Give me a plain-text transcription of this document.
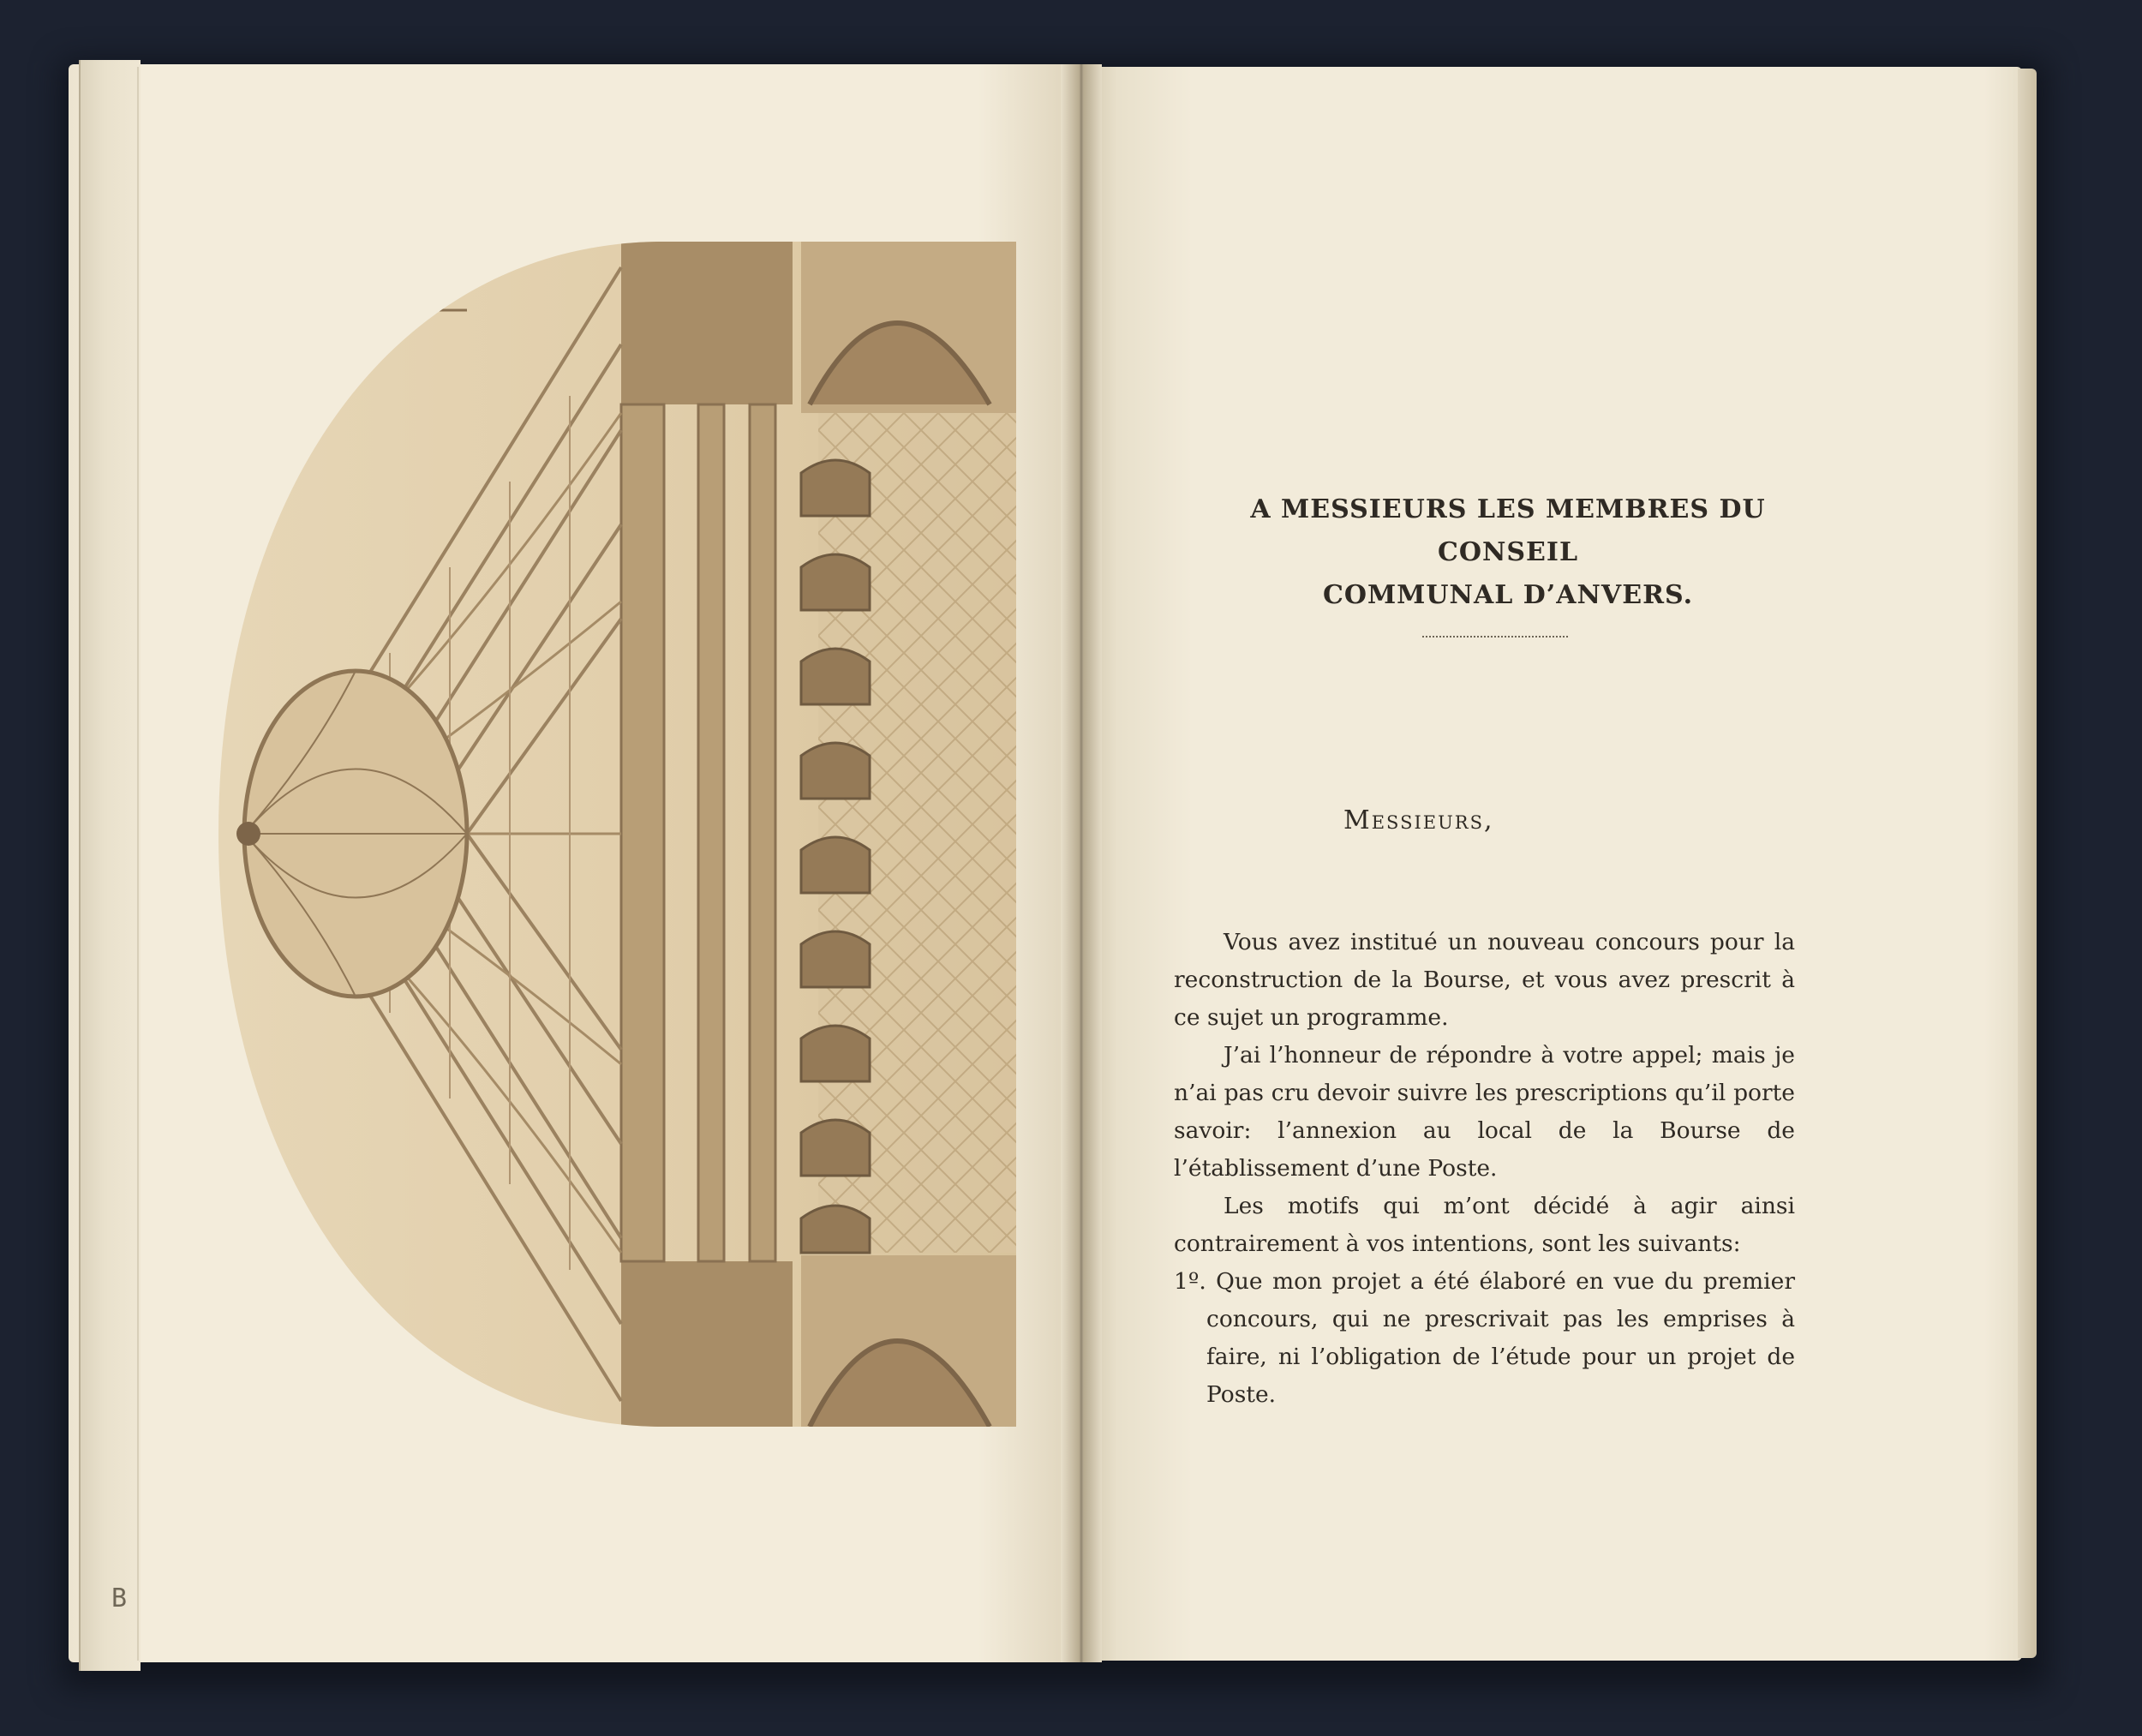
B
A MESSIEURS LES MEMBRES DU CONSEIL
COMMUNAL D’ANVERS.
Messieurs,

Vous avez institué un nouveau concours pour la reconstruction de la Bourse, et vous avez prescrit à ce sujet un programme.

J’ai l’honneur de répondre à votre appel; mais je n’ai pas cru devoir suivre les prescriptions qu’il porte savoir: l’annexion au local de la Bourse de l’établissement d’une Poste.

Les motifs qui m’ont décidé à agir ainsi contrairement à vos intentions, sont les suivants:

1º. Que mon projet a été élaboré en vue du premier concours, qui ne prescrivait pas les emprises à faire, ni l’obligation de l’étude pour un projet de Poste.
